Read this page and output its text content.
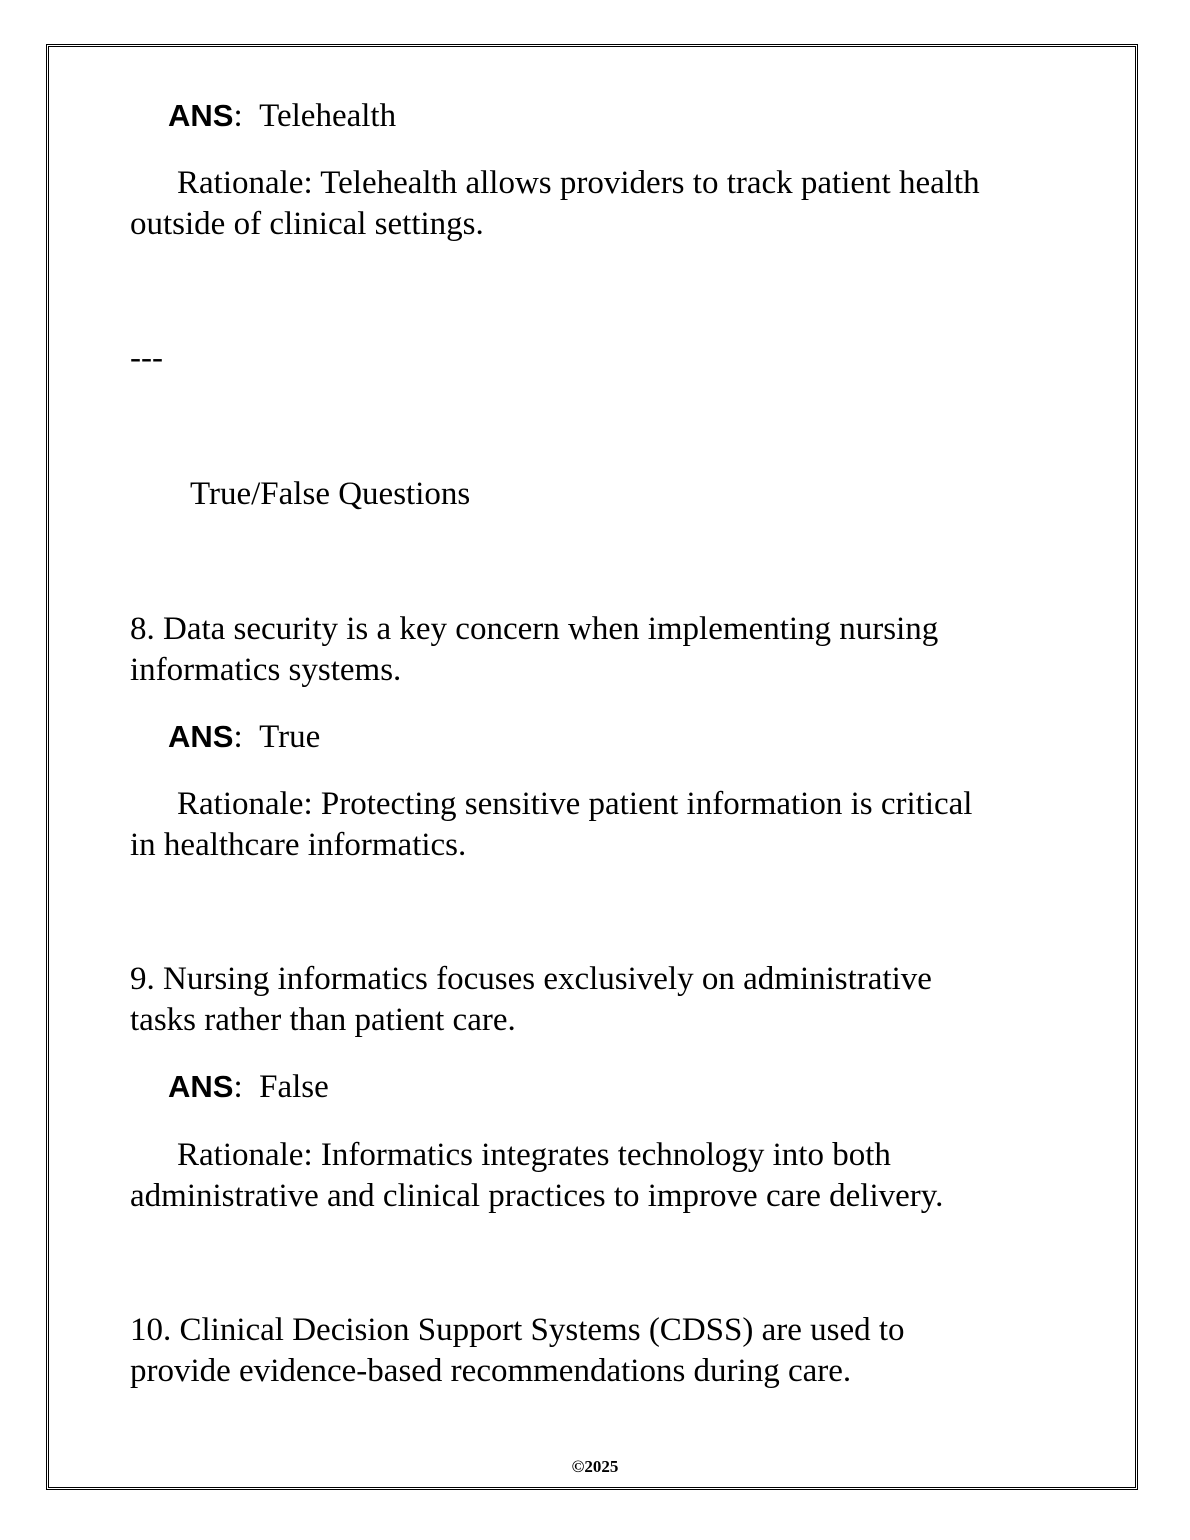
ANS: Telehealth
Rationale: Telehealth allows providers to track patient health
outside of clinical settings.
---
True/False Questions
8. Data security is a key concern when implementing nursing
informatics systems.
ANS: True
Rationale: Protecting sensitive patient information is critical
in healthcare informatics.
9. Nursing informatics focuses exclusively on administrative
tasks rather than patient care.
ANS: False
Rationale: Informatics integrates technology into both
administrative and clinical practices to improve care delivery.
10. Clinical Decision Support Systems (CDSS) are used to
provide evidence-based recommendations during care.
©2025
